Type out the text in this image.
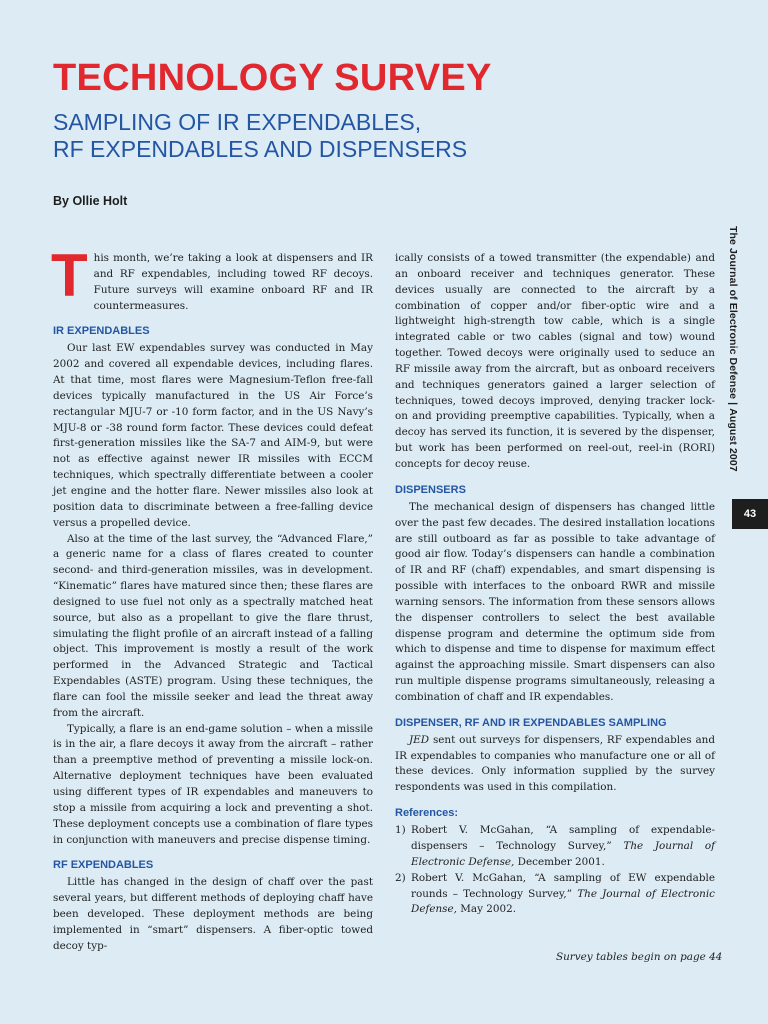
TECHNOLOGY SURVEY
SAMPLING OF IR EXPENDABLES,
RF EXPENDABLES AND DISPENSERS

By Ollie Holt

This month, we’re taking a look at dispensers and IR and RF expendables, including towed RF decoys. Future surveys will examine onboard RF and IR countermeasures.

IR EXPENDABLES

Our last EW expendables survey was conducted in May 2002 and covered all expendable devices, including flares. At that time, most flares were Magnesium-Teflon free-fall devices typically manufactured in the US Air Force’s rectangular MJU-7 or -10 form factor, and in the US Navy’s MJU-8 or -38 round form factor. These devices could defeat first-generation missiles like the SA-7 and AIM-9, but were not as effective against newer IR missiles with ECCM techniques, which spectrally differentiate between a cooler jet engine and the hotter flare. Newer missiles also look at position data to discriminate between a free-falling device versus a propelled device.

Also at the time of the last survey, the “Advanced Flare,” a generic name for a class of flares created to counter second- and third-generation missiles, was in development. “Kinematic” flares have matured since then; these flares are designed to use fuel not only as a spectrally matched heat source, but also as a propellant to give the flare thrust, simulating the flight profile of an aircraft instead of a falling object. This improvement is mostly a result of the work performed in the Advanced Strategic and Tactical Expendables (ASTE) program. Using these techniques, the flare can fool the missile seeker and lead the threat away from the aircraft.

Typically, a flare is an end-game solution – when a missile is in the air, a flare decoys it away from the aircraft – rather than a preemptive method of preventing a missile lock-on. Alternative deployment techniques have been evaluated using different types of IR expendables and maneuvers to stop a missile from acquiring a lock and preventing a shot. These deployment concepts use a combination of flare types in conjunction with maneuvers and precise dispense timing.

RF EXPENDABLES

Little has changed in the design of chaff over the past several years, but different methods of deploying chaff have been developed. These deployment methods are being implemented in “smart” dispensers. A fiber-optic towed decoy typ-

ically consists of a towed transmitter (the expendable) and an onboard receiver and techniques generator. These devices usually are connected to the aircraft by a combination of copper and/or fiber-optic wire and a lightweight high-strength tow cable, which is a single integrated cable or two cables (signal and tow) wound together. Towed decoys were originally used to seduce an RF missile away from the aircraft, but as onboard receivers and techniques generators gained a larger selection of techniques, towed decoys improved, denying tracker lock-on and providing preemptive capabilities. Typically, when a decoy has served its function, it is severed by the dispenser, but work has been performed on reel-out, reel-in (RORI) concepts for decoy reuse.

DISPENSERS

The mechanical design of dispensers has changed little over the past few decades. The desired installation locations are still outboard as far as possible to take advantage of good air flow. Today’s dispensers can handle a combination of IR and RF (chaff) expendables, and smart dispensing is possible with interfaces to the onboard RWR and missile warning sensors. The information from these sensors allows the dispenser controllers to select the best available dispense program and determine the optimum side from which to dispense and time to dispense for maximum effect against the approaching missile. Smart dispensers can also run multiple dispense programs simultaneously, releasing a combination of chaff and IR expendables.

DISPENSER, RF AND IR EXPENDABLES SAMPLING

JED sent out surveys for dispensers, RF expendables and IR expendables to companies who manufacture one or all of these devices. Only information supplied by the survey respondents was used in this compilation.

References:
1) Robert V. McGahan, “A sampling of expendable-dispensers – Technology Survey,” The Journal of Electronic Defense, December 2001.
2) Robert V. McGahan, “A sampling of EW expendable rounds – Technology Survey,” The Journal of Electronic Defense, May 2002.
The Journal of Electronic Defense | August 2007
43
Survey tables begin on page 44
